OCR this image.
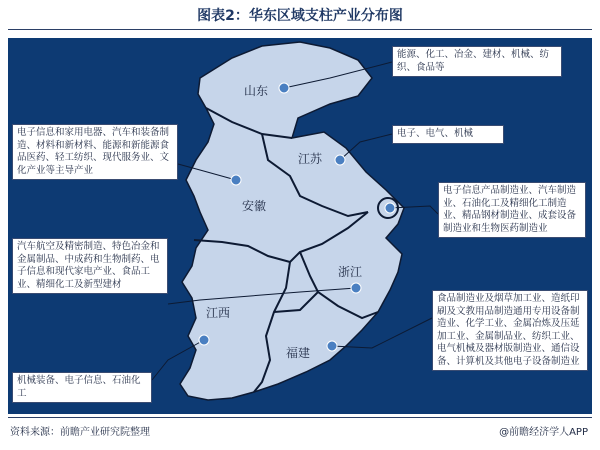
图表2：华东区域支柱产业分布图
山东
江苏
安徽
浙江
福建
江西
能源、化工、冶金、建材、机械、纺织、食品等
电子、电气、机械
电子信息产品制造业、汽车制造业、石油化工及精细化工制造业、精品钢材制造业、成套设备制造业和生物医药制造业
电子信息和家用电器、汽车和装备制造、材料和新材料、能源和新能源食品医药、轻工纺织、现代服务业、文化产业等主导产业
汽车航空及精密制造、特色冶金和金属制品、中成药和生物制药、电子信息和现代家电产业、食品工业、精细化工及新型建材
食品制造业及烟草加工业、造纸印刷及文教用品制造通用专用设备制造业、化学工业、金属冶炼及压延加工业、金属制品业、纺织工业、电气机械及器材版制造业、通信设备、计算机及其他电子设备制造业
机械装备、电子信息、石油化工
资料来源：前瞻产业研究院整理	@前瞻经济学人APP
